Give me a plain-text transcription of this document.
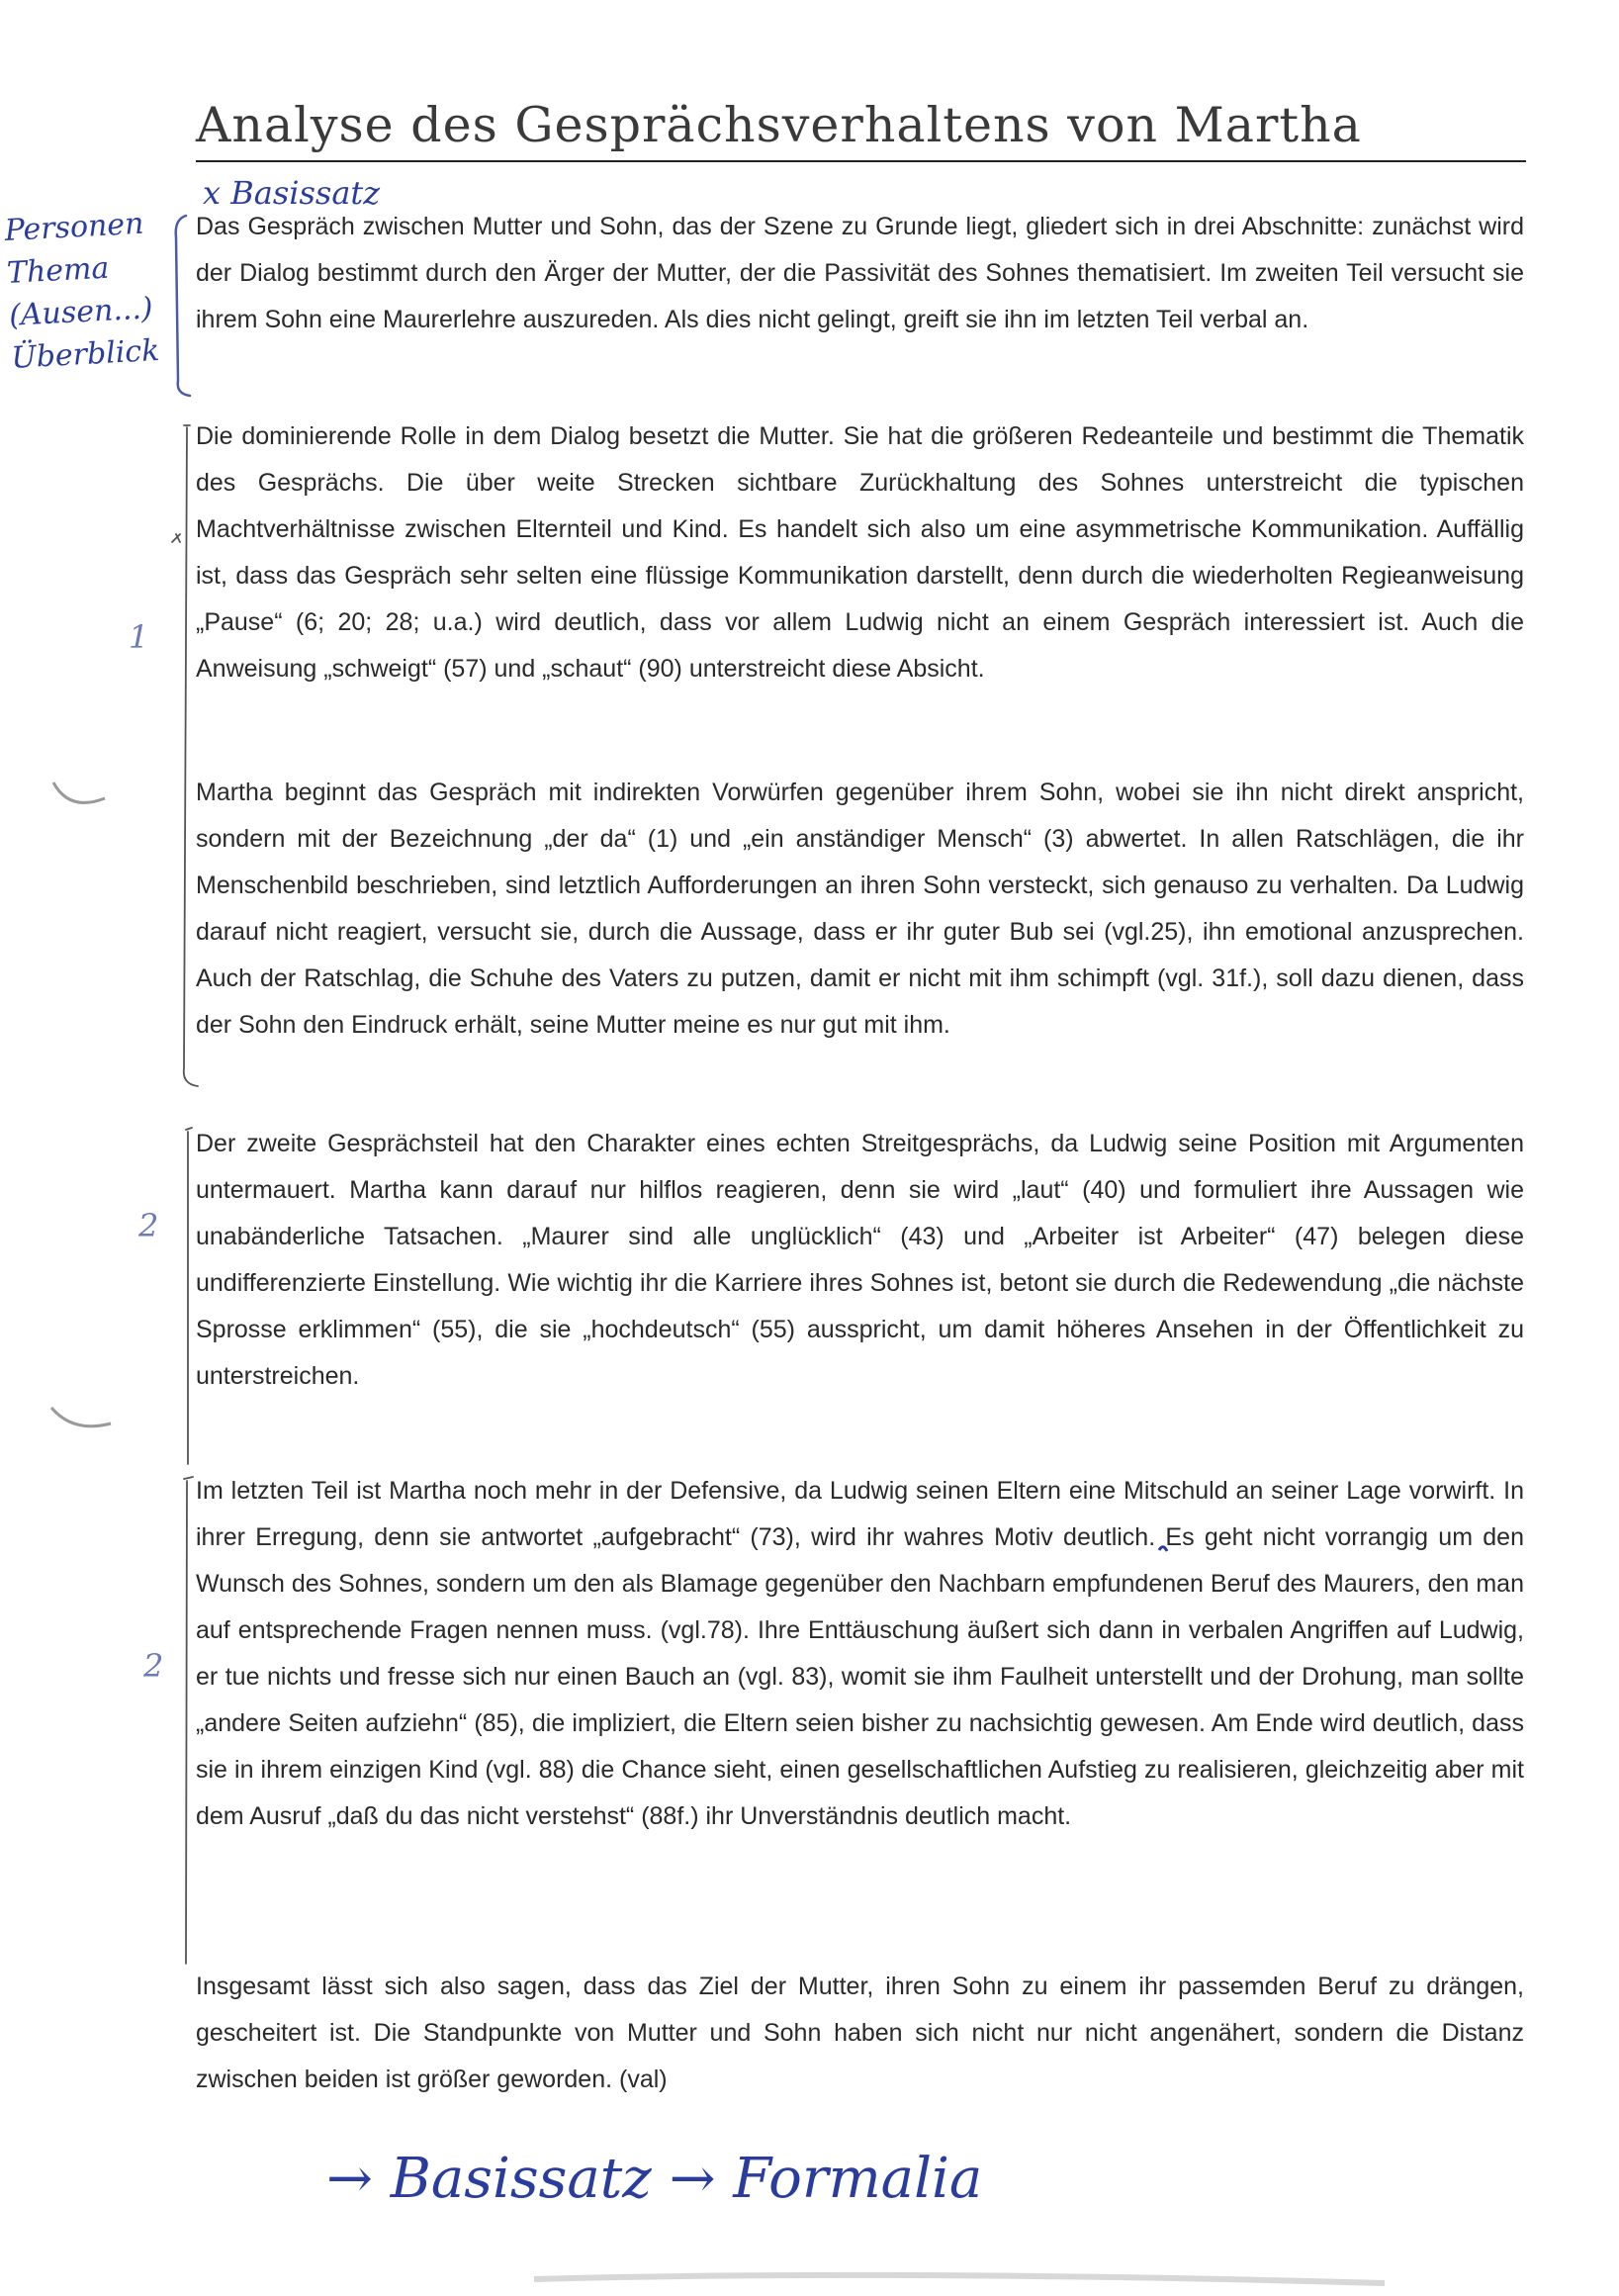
Analyse des Gesprächsverhaltens von Martha
x Basissatz
Personen
Thema
(Ausen...)
Überblick
1
2
2

Das Gespräch zwischen Mutter und Sohn, das der Szene zu Grunde liegt, gliedert sich in drei Abschnitte: zunächst wird der Dialog bestimmt durch den Ärger der Mutter, der die Passivität des Sohnes thematisiert. Im zweiten Teil versucht sie ihrem Sohn eine Maurerlehre auszureden. Als dies nicht gelingt, greift sie ihn im letzten Teil verbal an.

Die dominierende Rolle in dem Dialog besetzt die Mutter. Sie hat die größeren Redeanteile und bestimmt die Thematik des Gesprächs. Die über weite Strecken sichtbare Zurückhaltung des Sohnes unterstreicht die typischen Machtverhältnisse zwischen Elternteil und Kind. Es handelt sich also um eine asymmetrische Kommunikation. Auffällig ist, dass das Gespräch sehr selten eine flüssige Kommunikation darstellt, denn durch die wiederholten Regieanweisung „Pause“ (6; 20; 28; u.a.) wird deutlich, dass vor allem Ludwig nicht an einem Gespräch interessiert ist. Auch die Anweisung „schweigt“ (57) und „schaut“ (90) unterstreicht diese Absicht.

Martha beginnt das Gespräch mit indirekten Vorwürfen gegenüber ihrem Sohn, wobei sie ihn nicht direkt anspricht, sondern mit der Bezeichnung „der da“ (1) und „ein anständiger Mensch“ (3) abwertet. In allen Ratschlägen, die ihr Menschenbild beschrieben, sind letztlich Aufforderungen an ihren Sohn versteckt, sich genauso zu verhalten. Da Ludwig darauf nicht reagiert, versucht sie, durch die Aussage, dass er ihr guter Bub sei (vgl.25), ihn emotional anzusprechen. Auch der Ratschlag, die Schuhe des Vaters zu putzen, damit er nicht mit ihm schimpft (vgl. 31f.), soll dazu dienen, dass der Sohn den Eindruck erhält, seine Mutter meine es nur gut mit ihm.

Der zweite Gesprächsteil hat den Charakter eines echten Streitgesprächs, da Ludwig seine Position mit Argumenten untermauert. Martha kann darauf nur hilflos reagieren, denn sie wird „laut“ (40) und formuliert ihre Aussagen wie unabänderliche Tatsachen. „Maurer sind alle unglücklich“ (43) und „Arbeiter ist Arbeiter“ (47) belegen diese undifferenzierte Einstellung. Wie wichtig ihr die Karriere ihres Sohnes ist, betont sie durch die Redewendung „die nächste Sprosse erklimmen“ (55), die sie „hochdeutsch“ (55) ausspricht, um damit höheres Ansehen in der Öffentlichkeit zu unterstreichen.

Im letzten Teil ist Martha noch mehr in der Defensive, da Ludwig seinen Eltern eine Mitschuld an seiner Lage vorwirft. In ihrer Erregung, denn sie antwortet „aufgebracht“ (73), wird ihr wahres Motiv deutlich. Es geht nicht vorrangig um den Wunsch des Sohnes, sondern um den als Blamage gegenüber den Nachbarn empfundenen Beruf des Maurers, den man auf entsprechende Fragen nennen muss. (vgl.78). Ihre Enttäuschung äußert sich dann in verbalen Angriffen auf Ludwig, er tue nichts und fresse sich nur einen Bauch an (vgl. 83), womit sie ihm Faulheit unterstellt und der Drohung, man sollte „andere Seiten aufziehn“ (85), die impliziert, die Eltern seien bisher zu nachsichtig gewesen. Am Ende wird deutlich, dass sie in ihrem einzigen Kind (vgl. 88) die Chance sieht, einen gesellschaftlichen Aufstieg zu realisieren, gleichzeitig aber mit dem Ausruf „daß du das nicht verstehst“ (88f.) ihr Unverständnis deutlich macht.

Insgesamt lässt sich also sagen, dass das Ziel der Mutter, ihren Sohn zu einem ihr passemden Beruf zu drängen, gescheitert ist. Die Standpunkte von Mutter und Sohn haben sich nicht nur nicht angenähert, sondern die Distanz zwischen beiden ist größer geworden. (val)

→ Basissatz → Formalia
